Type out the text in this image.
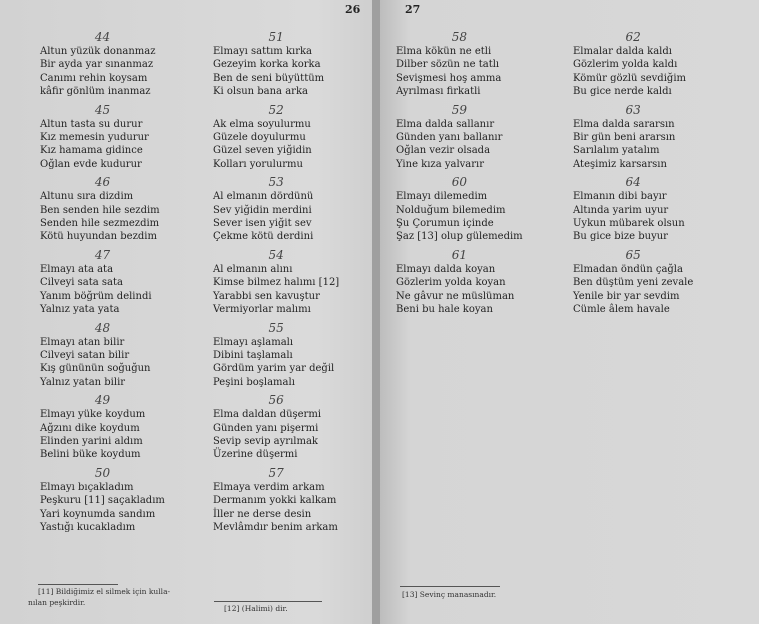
26
44
Altun yüzük donanmaz
Bir ayda yar sınanmaz
Canımı rehin koysam
kâfir gönlüm inanmaz
45
Altun tasta su durur
Kız memesin yudurur
Kız hamama gidince
Oğlan evde kudurur
46
Altunu sıra dizdim
Ben senden hile sezdim
Senden hile sezmezdim
Kötü huyundan bezdim
47
Elmayı ata ata
Cilveyi sata sata
Yanım böğrüm delindi
Yalnız yata yata
48
Elmayı atan bilir
Cilveyi satan bilir
Kış gününün soğuğun
Yalnız yatan bilir
49
Elmayı yüke koydum
Ağzını dike koydum
Elinden yarini aldım
Belini büke koydum
50
Elmayı bıçakladım
Peşkuru [11] saçakladım
Yari koynumda sandım
Yastığı kucakladım
51
Elmayı sattım kırka
Gezeyim korka korka
Ben de seni büyüttüm
Ki olsun bana arka
52
Ak elma soyulurmu
Güzele doyulurmu
Güzel seven yiğidin
Kolları yorulurmu
53
Al elmanın dördünü
Sev yiğidin merdini
Sever isen yiğit sev
Çekme kötü derdini
54
Al elmanın alını
Kimse bilmez halımı [12]
Yarabbi sen kavuştur
Vermiyorlar malımı
55
Elmayı aşlamalı
Dibini taşlamalı
Gördüm yarim yar değil
Peşini boşlamalı
56
Elma daldan düşermi
Günden yanı pişermi
Sevip sevip ayrılmak
Üzerine düşermi
57
Elmaya verdim arkam
Dermanım yokki kalkam
İller ne derse desin
Mevlâmdır benim arkam
[11] Bildiğimiz el silmek için kulla-
nılan peşkirdir.
[12] (Halimi) dir.
27
58
Elma kökün ne etli
Dilber sözün ne tatlı
Sevişmesi hoş amma
Ayrılması firkatli
59
Elma dalda sallanır
Günden yanı ballanır
Oğlan vezir olsada
Yine kıza yalvarır
60
Elmayı dilemedim
Nolduğum bilemedim
Şu Çorumun içinde
Şaz [13] olup gülemedim
61
Elmayı dalda koyan
Gözlerim yolda koyan
Ne gâvur ne müslüman
Beni bu hale koyan
62
Elmalar dalda kaldı
Gözlerim yolda kaldı
Kömür gözlü sevdiğim
Bu gice nerde kaldı
63
Elma dalda sararsın
Bir gün beni ararsın
Sarılalım yatalım
Ateşimiz karsarsın
64
Elmanın dibi bayır
Altında yarim uyur
Uykun mübarek olsun
Bu gice bize buyur
65
Elmadan öndün çağla
Ben düştüm yeni zevale
Yenile bir yar sevdim
Cümle âlem havale
[13] Sevinç manasınadır.
